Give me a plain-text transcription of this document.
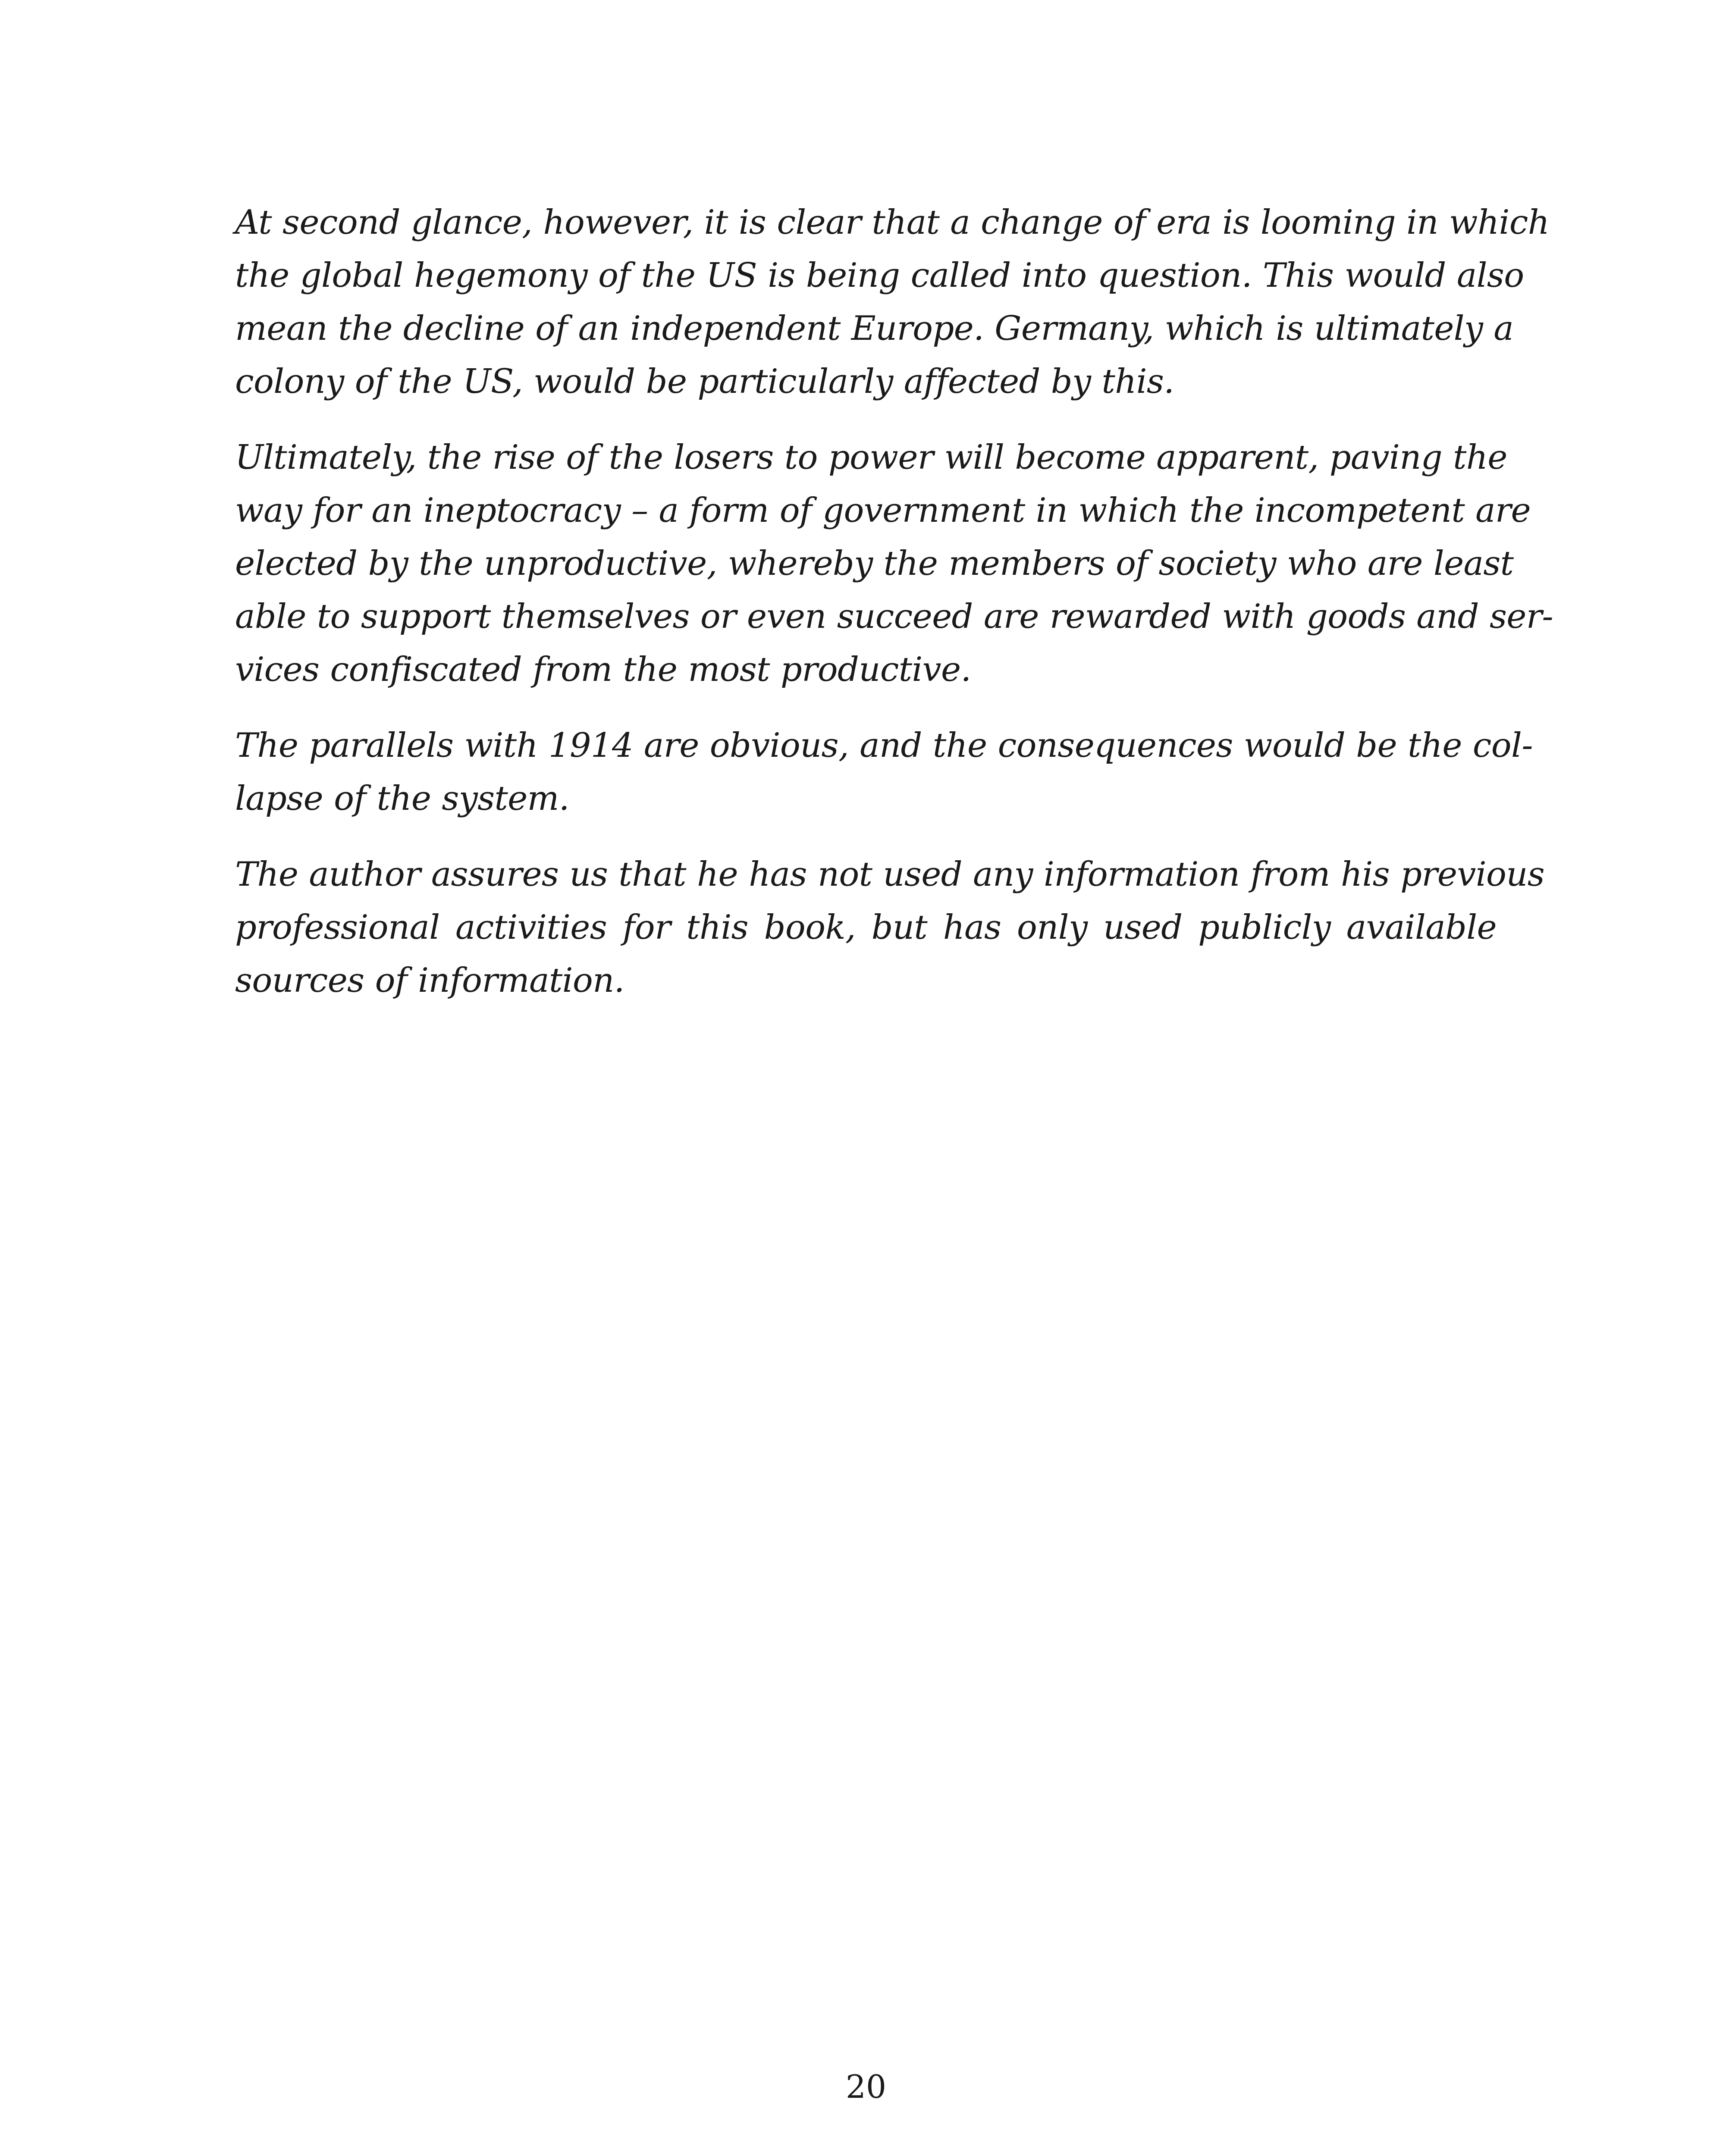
At second glance, however, it is clear that a change of era is looming in which
the global hegemony of the US is being called into question. This would also
mean the decline of an independent Europe. Germany, which is ultimately a
colony of the US, would be particularly affected by this.

Ultimately, the rise of the losers to power will become apparent, paving the
way for an ineptocracy – a form of government in which the incompetent are
elected by the unproductive, whereby the members of society who are least
able to support themselves or even succeed are rewarded with goods and ser-
vices confiscated from the most productive.

The parallels with 1914 are obvious, and the consequences would be the col-
lapse of the system.

The author assures us that he has not used any information from his previous
professional activities for this book, but has only used publicly available
sources of information.

20
